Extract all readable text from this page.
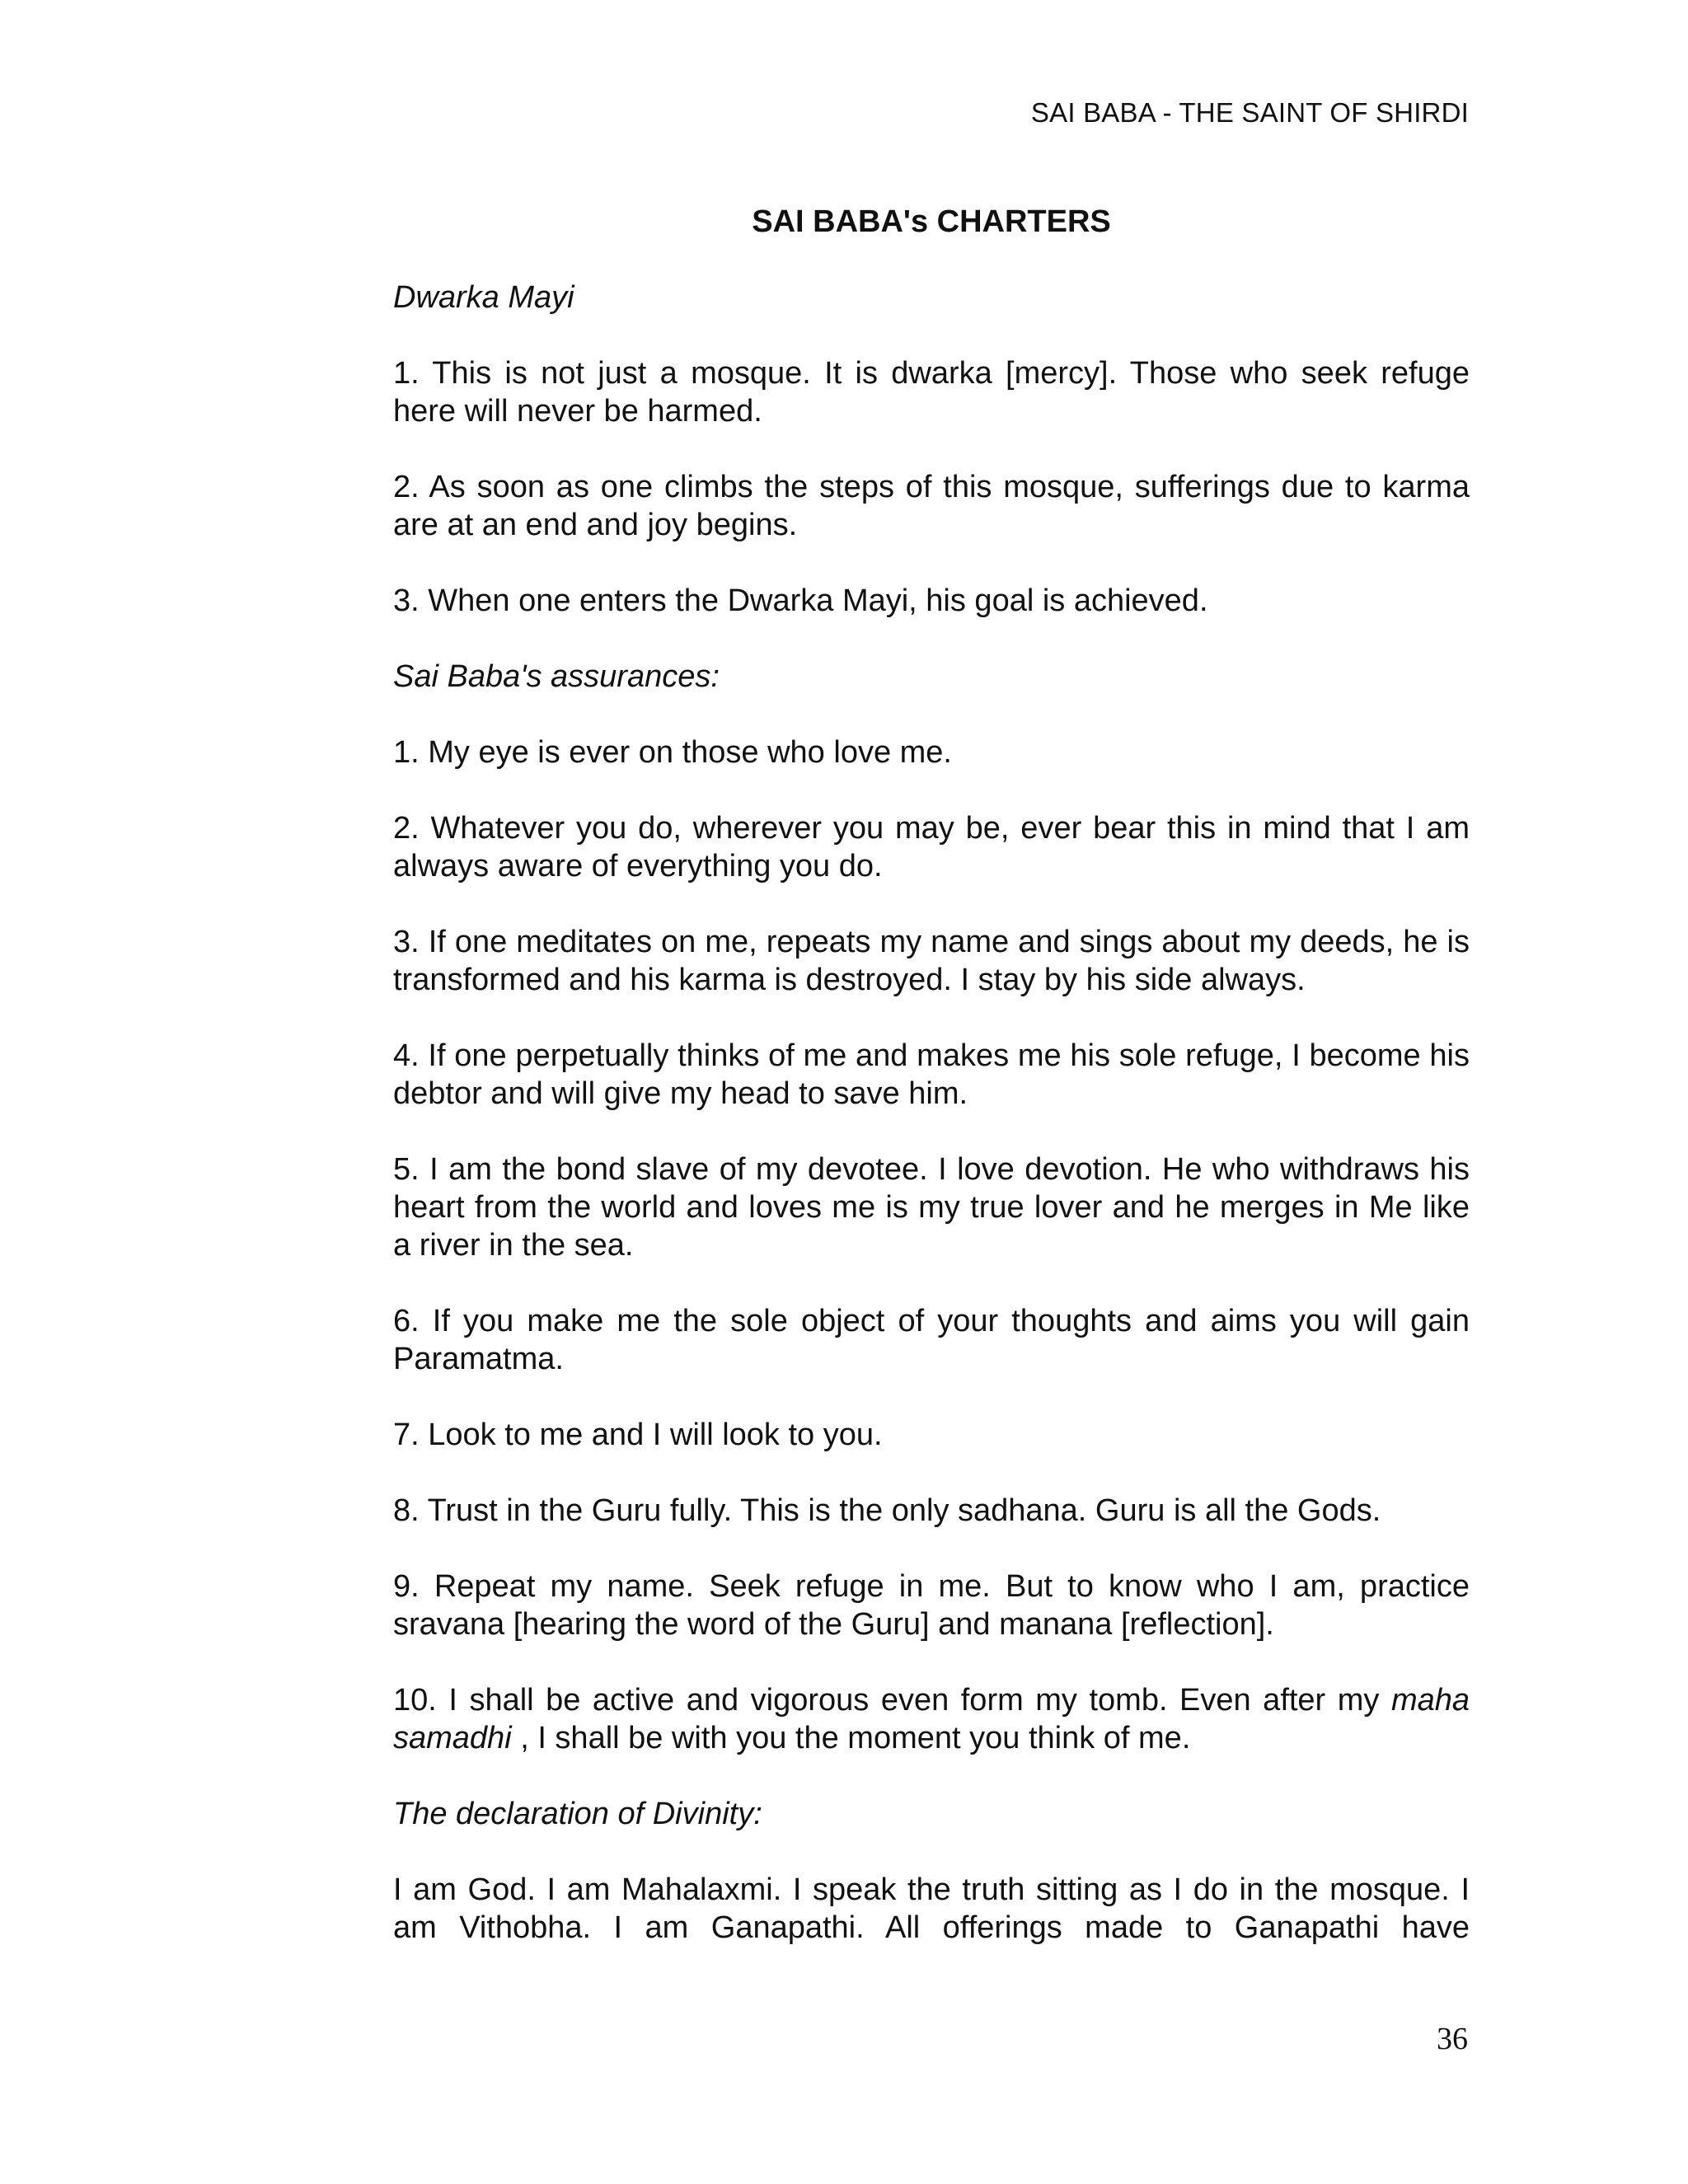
SAI BABA - THE SAINT OF SHIRDI
SAI BABA's CHARTERS

Dwarka Mayi

1. This is not just a mosque. It is dwarka [mercy]. Those who seek refuge here will never be harmed.

2. As soon as one climbs the steps of this mosque, sufferings due to karma are at an end and joy begins.

3. When one enters the Dwarka Mayi, his goal is achieved.

Sai Baba's assurances:

1. My eye is ever on those who love me.

2. Whatever you do, wherever you may be, ever bear this in mind that I am always aware of everything you do.

3. If one meditates on me, repeats my name and sings about my deeds, he is transformed and his karma is destroyed. I stay by his side always.

4. If one perpetually thinks of me and makes me his sole refuge, I become his debtor and will give my head to save him.

5. I am the bond slave of my devotee. I love devotion. He who withdraws his heart from the world and loves me is my true lover and he merges in Me like a river in the sea.

6. If you make me the sole object of your thoughts and aims you will gain Paramatma.

7. Look to me and I will look to you.

8. Trust in the Guru fully. This is the only sadhana. Guru is all the Gods.

9. Repeat my name. Seek refuge in me. But to know who I am, practice sravana [hearing the word of the Guru] and manana [reflection].

10. I shall be active and vigorous even form my tomb. Even after my maha samadhi , I shall be with you the moment you think of me.

The declaration of Divinity:

I am God. I am Mahalaxmi. I speak the truth sitting as I do in the mosque. I am Vithobha. I am Ganapathi. All offerings made to Ganapathi have

36
